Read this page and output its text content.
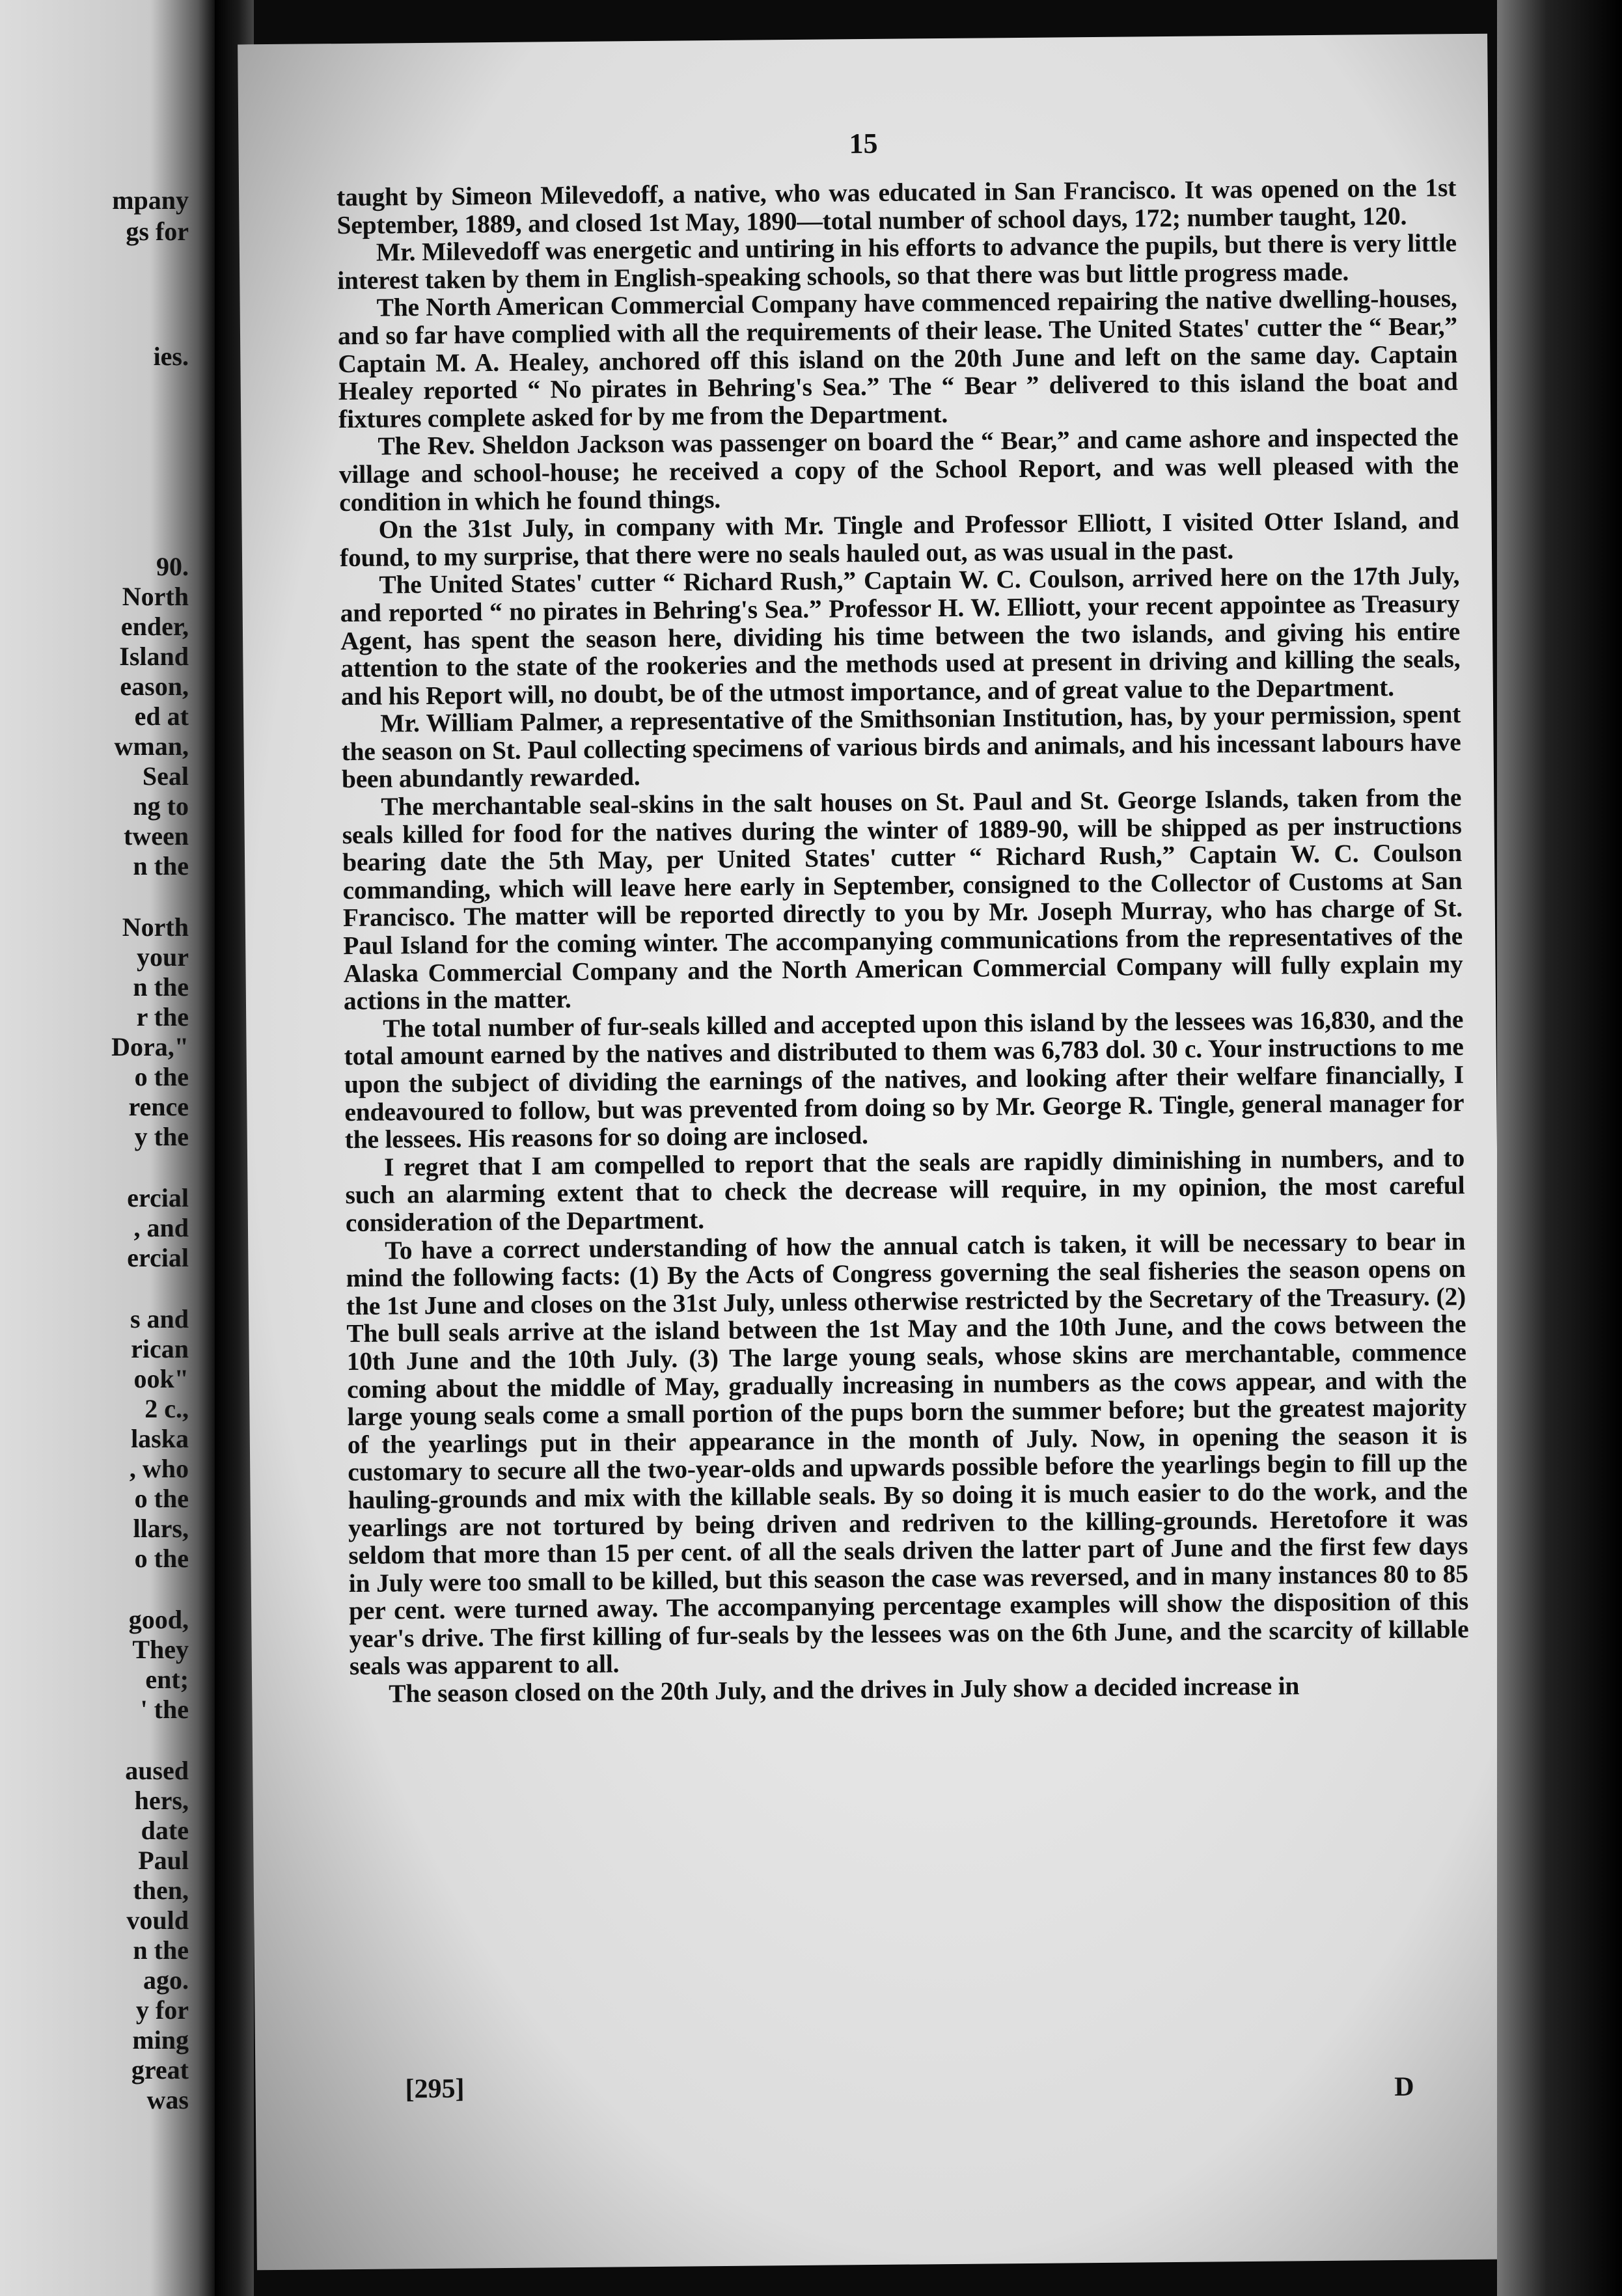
mpany
gs for
ies.
90.
North
ender,
Island
eason,
ed at
wman,
Seal
ng to
tween
n the
North
your
n the
r the
Dora,"
o the
rence
y the
ercial
, and
ercial
s and
rican
ook"
2 c.,
laska
, who
o the
llars,
o the
good,
They
ent;
' the
aused
hers,
date
Paul
then,
vould
n the
ago.
y for
ming
great
was
15

taught by Simeon Milevedoff, a native, who was educated in San Francisco. It was opened on the 1st September, 1889, and closed 1st May, 1890—total number of school days, 172; number taught, 120.

Mr. Milevedoff was energetic and untiring in his efforts to advance the pupils, but there is very little interest taken by them in English-speaking schools, so that there was but little progress made.

The North American Commercial Company have commenced repairing the native dwelling-houses, and so far have complied with all the requirements of their lease. The United States' cutter the “ Bear,” Captain M. A. Healey, anchored off this island on the 20th June and left on the same day. Captain Healey reported “ No pirates in Behring's Sea.” The “ Bear ” delivered to this island the boat and fixtures complete asked for by me from the Department.

The Rev. Sheldon Jackson was passenger on board the “ Bear,” and came ashore and inspected the village and school-house; he received a copy of the School Report, and was well pleased with the condition in which he found things.

On the 31st July, in company with Mr. Tingle and Professor Elliott, I visited Otter Island, and found, to my surprise, that there were no seals hauled out, as was usual in the past.

The United States' cutter “ Richard Rush,” Captain W. C. Coulson, arrived here on the 17th July, and reported “ no pirates in Behring's Sea.” Professor H. W. Elliott, your recent appointee as Treasury Agent, has spent the season here, dividing his time between the two islands, and giving his entire attention to the state of the rookeries and the methods used at present in driving and killing the seals, and his Report will, no doubt, be of the utmost importance, and of great value to the Department.

Mr. William Palmer, a representative of the Smithsonian Institution, has, by your permission, spent the season on St. Paul collecting specimens of various birds and animals, and his incessant labours have been abundantly rewarded.

The merchantable seal-skins in the salt houses on St. Paul and St. George Islands, taken from the seals killed for food for the natives during the winter of 1889-90, will be shipped as per instructions bearing date the 5th May, per United States' cutter “ Richard Rush,” Captain W. C. Coulson commanding, which will leave here early in September, consigned to the Collector of Customs at San Francisco. The matter will be reported directly to you by Mr. Joseph Murray, who has charge of St. Paul Island for the coming winter. The accompanying communications from the representatives of the Alaska Commercial Company and the North American Commercial Company will fully explain my actions in the matter.

The total number of fur-seals killed and accepted upon this island by the lessees was 16,830, and the total amount earned by the natives and distributed to them was 6,783 dol. 30 c. Your instructions to me upon the subject of dividing the earnings of the natives, and looking after their welfare financially, I endeavoured to follow, but was prevented from doing so by Mr. George R. Tingle, general manager for the lessees. His reasons for so doing are inclosed.

I regret that I am compelled to report that the seals are rapidly diminishing in numbers, and to such an alarming extent that to check the decrease will require, in my opinion, the most careful consideration of the Department.

To have a correct understanding of how the annual catch is taken, it will be necessary to bear in mind the following facts: (1) By the Acts of Congress governing the seal fisheries the season opens on the 1st June and closes on the 31st July, unless otherwise restricted by the Secretary of the Treasury. (2) The bull seals arrive at the island between the 1st May and the 10th June, and the cows between the 10th June and the 10th July. (3) The large young seals, whose skins are merchantable, commence coming about the middle of May, gradually increasing in numbers as the cows appear, and with the large young seals come a small portion of the pups born the summer before; but the greatest majority of the yearlings put in their appearance in the month of July. Now, in opening the season it is customary to secure all the two-year-olds and upwards possible before the yearlings begin to fill up the hauling-grounds and mix with the killable seals. By so doing it is much easier to do the work, and the yearlings are not tortured by being driven and redriven to the killing-grounds. Heretofore it was seldom that more than 15 per cent. of all the seals driven the latter part of June and the first few days in July were too small to be killed, but this season the case was reversed, and in many instances 80 to 85 per cent. were turned away. The accompanying percentage examples will show the disposition of this year's drive. The first killing of fur-seals by the lessees was on the 6th June, and the scarcity of killable seals was apparent to all.

The season closed on the 20th July, and the drives in July show a decided increase in

[295]	D
